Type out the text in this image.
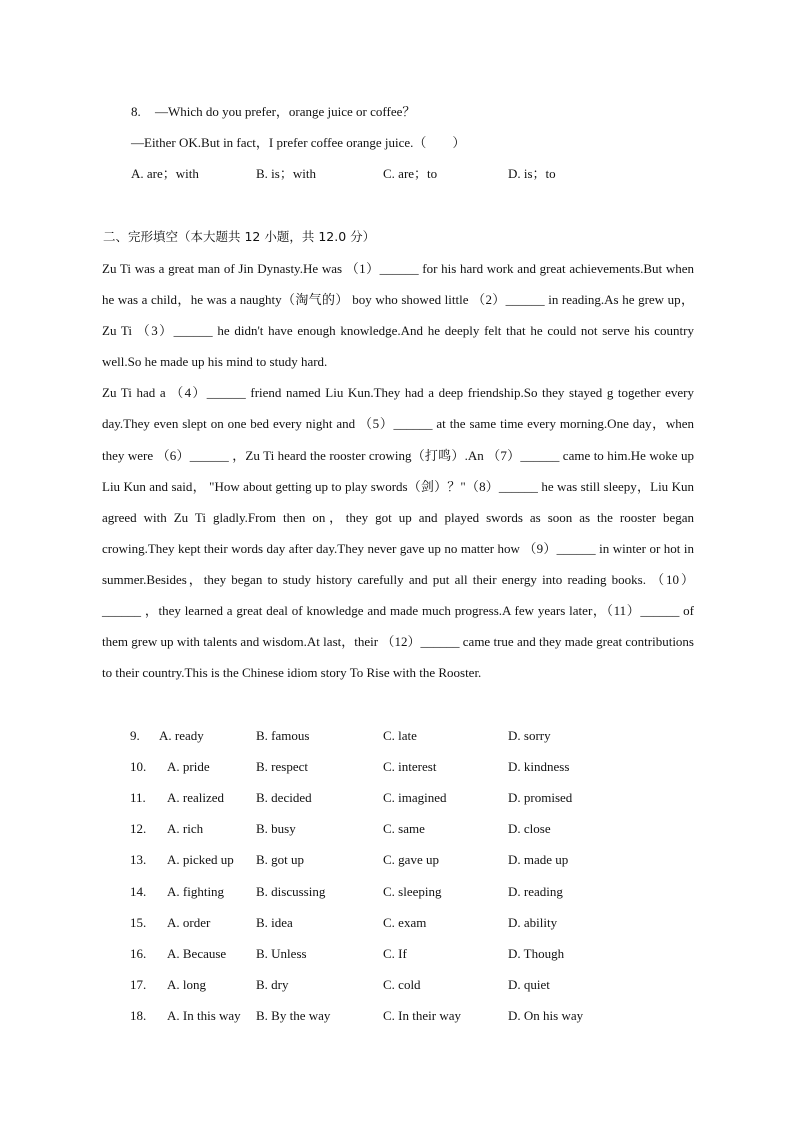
8. —Which do you prefer，orange juice or coffee？
—Either OK.But in fact，I prefer coffee orange juice.（　　）
A. are；with	B. is；with	C. are；to	D. is；to
二、完形填空（本大题共 12 小题，共 12.0 分）

Zu Ti was a great man of Jin Dynasty.He was （1）______ for his hard work and great achievements.But when he was a child，he was a naughty（淘气的） boy who showed little （2）______ in reading.As he grew up，Zu Ti （3）______ he didn't have enough knowledge.And he deeply felt that he could not serve his country well.So he made up his mind to study hard.

Zu Ti had a （4）______ friend named Liu Kun.They had a deep friendship.So they stayed g together every day.They even slept on one bed every night and （5）______ at the same time every morning.One day，when they were （6）______ ，Zu Ti heard the rooster crowing（打鸣）.An （7）______ came to him.He woke up Liu Kun and said， "How about getting up to play swords（剑）？"（8）______ he was still sleepy，Liu Kun agreed with Zu Ti gladly.From then on，they got up and played swords as soon as the rooster began crowing.They kept their words day after day.They never gave up no matter how （9）______ in winter or hot in summer.Besides，they began to study history carefully and put all their energy into reading books. （10）______ ，they learned a great deal of knowledge and made much progress.A few years later，（11）______ of them grew up with talents and wisdom.At last，their （12）______ came true and they made great contributions to their country.This is the Chinese idiom story To Rise with the Rooster.

9. A. ready	B. famous	C. late	D. sorry
10. A. pride	B. respect	C. interest	D. kindness
11. A. realized B. decided	C. imagined	D. promised
12. A. rich	B. busy	C. same	D. close
13. A. picked up B. got up	C. gave up	D. made up
14. A. fighting B. discussing	C. sleeping	D. reading
15. A. order	B. idea	C. exam	D. ability
16. A. Because B. Unless	C. If	D. Though
17. A. long	B. dry	C. cold	D. quiet
18. A. In this way B. By the way	C. In their way	D. On his way
